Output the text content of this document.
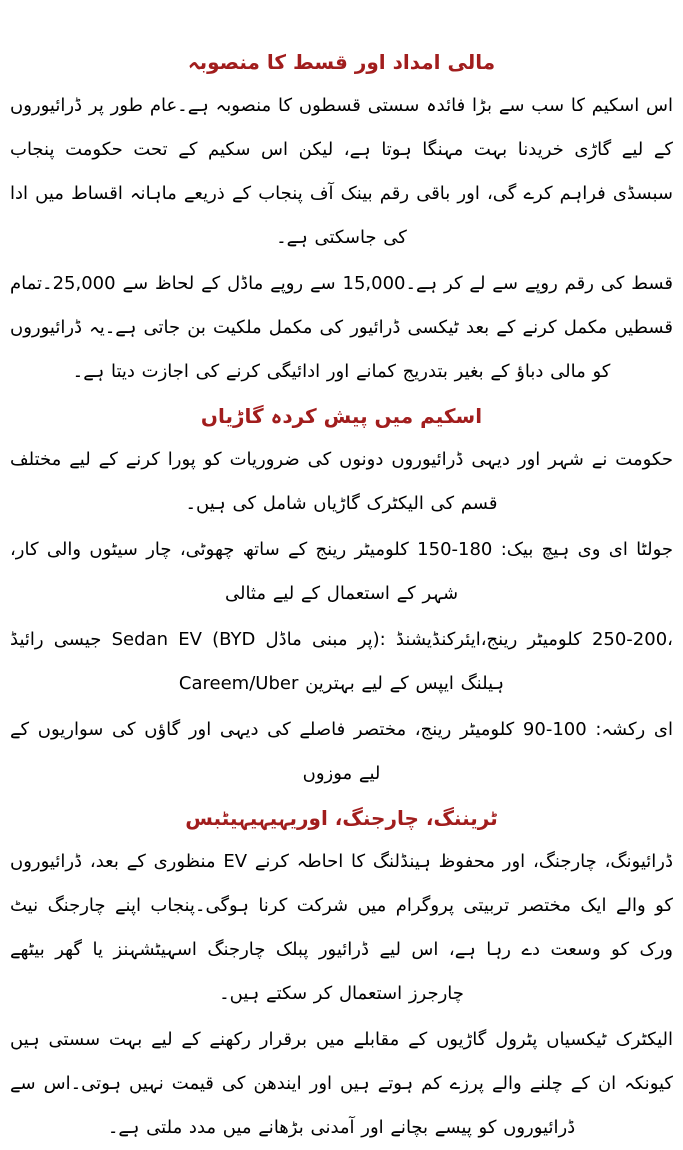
مالی امداد اور قسط کا منصوبہ

اس اسکیم کا سب سے بڑا فائدہ سستی قسطوں کا منصوبہ ہے۔عام طور پر ڈرائیوروں کے لیے گاڑی خریدنا بہت مہنگا ہوتا ہے، لیکن اس سکیم کے تحت حکومت پنجاب سبسڈی فراہم کرے گی، اور باقی رقم بینک آف پنجاب کے ذریعے ماہانہ اقساط میں ادا کی جاسکتی ہے۔

قسط کی رقم روپے سے لے کر ہے۔15,000 سے روپے ماڈل کے لحاظ سے 25,000۔تمام قسطیں مکمل کرنے کے بعد ٹیکسی ڈرائیور کی مکمل ملکیت بن جاتی ہے۔یہ ڈرائیوروں کو مالی دباؤ کے بغیر بتدریج کمانے اور ادائیگی کرنے کی اجازت دیتا ہے۔

اسکیم میں پیش کردہ گاڑیاں

حکومت نے شہر اور دیہی ڈرائیوروں دونوں کی ضروریات کو پورا کرنے کے لیے مختلف قسم کی الیکٹرک گاڑیاں شامل کی ہیں۔

جولٹا ای وی ہیچ بیک: 180-150 کلومیٹر رینج کے ساتھ چھوٹی، چار سیٹوں والی کار، شہر کے استعمال کے لیے مثالی

،250-200 کلومیٹر رینج،ایئرکنڈیشنڈ :(پر مبنی ماڈل Sedan EV (BYD جیسی رائیڈ ہیلنگ ایپس کے لیے بہترین Careem/Uber

ای رکشہ: 100-90 کلومیٹر رینج، مختصر فاصلے کی دیہی اور گاؤں کی سواریوں کے لیے موزوں

ٹریننگ، چارجنگ، اوریہیہیہیٹبس

ڈرائیونگ، چارجنگ، اور محفوظ ہینڈلنگ کا احاطہ کرنے EV منظوری کے بعد، ڈرائیوروں کو والے ایک مختصر تربیتی پروگرام میں شرکت کرنا ہوگی۔پنجاب اپنے چارجنگ نیٹ ورک کو وسعت دے رہا ہے، اس لیے ڈرائیور پبلک چارجنگ اسہیٹشہنز یا گھر بیٹھے چارجرز استعمال کر سکتے ہیں۔

الیکٹرک ٹیکسیاں پٹرول گاڑیوں کے مقابلے میں برقرار رکھنے کے لیے بہت سستی ہیں کیونکہ ان کے چلنے والے پرزے کم ہوتے ہیں اور ایندھن کی قیمت نہیں ہوتی۔اس سے ڈرائیوروں کو پیسے بچانے اور آمدنی بڑھانے میں مدد ملتی ہے۔
